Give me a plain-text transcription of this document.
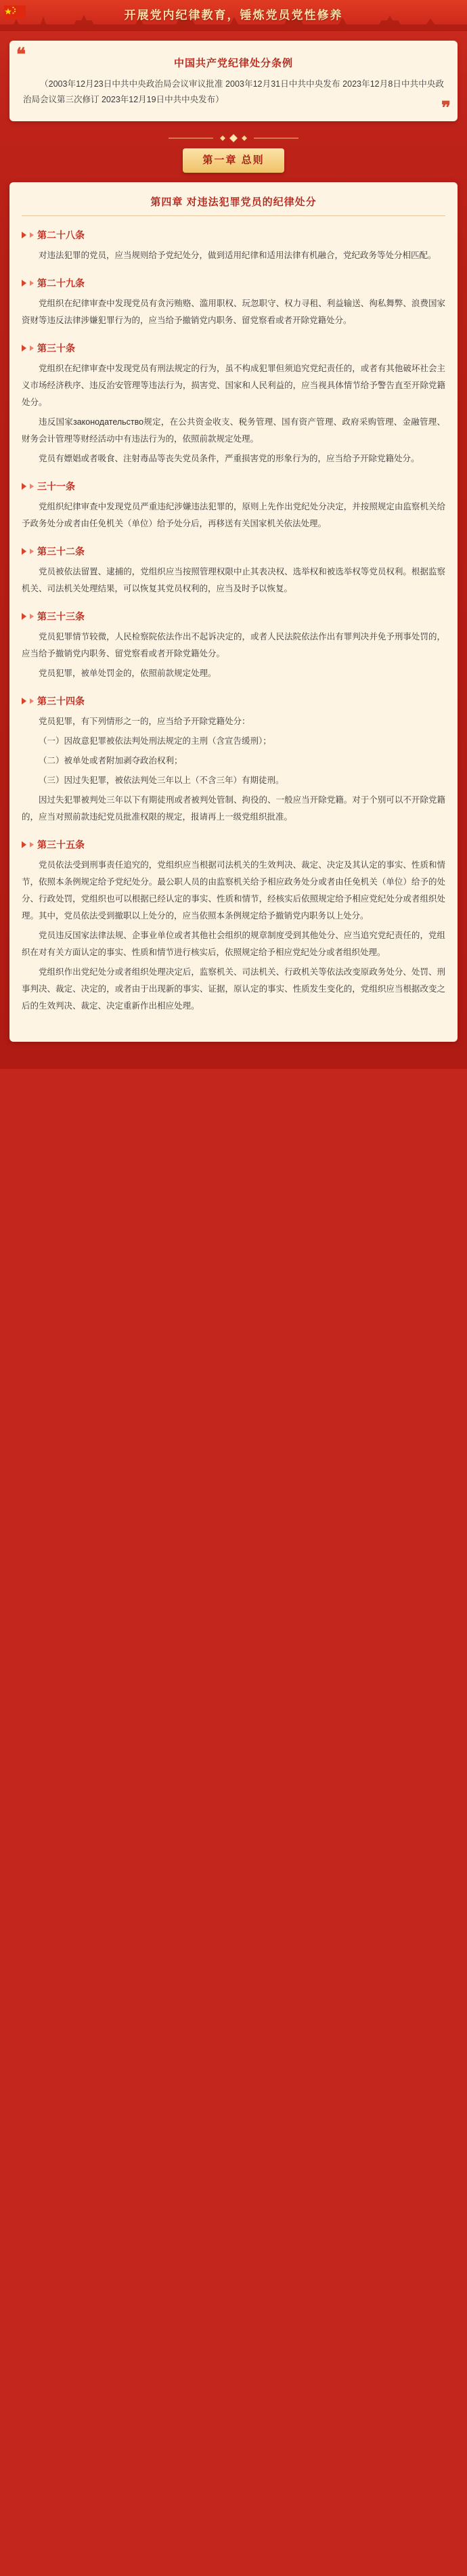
开展党内纪律教育，锤炼党员党性修养
❝
❞
中国共产党纪律处分条例
（2003年12月23日中共中央政治局会议审议批准 2003年12月31日中共中央发布 2023年12月8日中共中央政治局会议第三次修订 2023年12月19日中共中央发布）
第一章 总则
第四章 对违法犯罪党员的纪律处分
第二十八条

对违法犯罪的党员，应当规则给予党纪处分，做到适用纪律和适用法律有机融合，党纪政务等处分相匹配。

第二十九条

党组织在纪律审查中发现党员有贪污贿赂、滥用职权、玩忽职守、权力寻租、利益输送、徇私舞弊、浪费国家资财等违反法律涉嫌犯罪行为的，应当给予撤销党内职务、留党察看或者开除党籍处分。

第三十条

党组织在纪律审查中发现党员有刑法规定的行为，虽不构成犯罪但须追究党纪责任的，或者有其他破坏社会主义市场经济秩序、违反治安管理等违法行为，损害党、国家和人民利益的，应当视具体情节给予警告直至开除党籍处分。

违反国家законодательство规定，在公共资金收支、税务管理、国有资产管理、政府采购管理、金融管理、财务会计管理等财经活动中有违法行为的，依照前款规定处理。

党员有嫖娼或者吸食、注射毒品等丧失党员条件，严重损害党的形象行为的，应当给予开除党籍处分。

三十一条

党组织纪律审查中发现党员严重违纪涉嫌违法犯罪的，原则上先作出党纪处分决定，并按照规定由监察机关给予政务处分或者由任免机关（单位）给予处分后，再移送有关国家机关依法处理。

第三十二条

党员被依法留置、逮捕的，党组织应当按照管理权限中止其表决权、选举权和被选举权等党员权利。根据监察机关、司法机关处理结果，可以恢复其党员权利的，应当及时予以恢复。

第三十三条

党员犯罪情节较微，人民检察院依法作出不起诉决定的，或者人民法院依法作出有罪判决并免予刑事处罚的，应当给予撤销党内职务、留党察看或者开除党籍处分。

党员犯罪，被单处罚金的，依照前款规定处理。

第三十四条

党员犯罪，有下列情形之一的，应当给予开除党籍处分：

（一）因故意犯罪被依法判处刑法规定的主刑（含宣告缓刑）；

（二）被单处或者附加剥夺政治权利；

（三）因过失犯罪，被依法判处三年以上（不含三年）有期徒刑。

因过失犯罪被判处三年以下有期徒刑或者被判处管制、拘役的、一般应当开除党籍。对于个别可以不开除党籍的，应当对照前款违纪党员批准权限的规定，报请再上一级党组织批准。

第三十五条

党员依法受到刑事责任追究的，党组织应当根据司法机关的生效判决、裁定、决定及其认定的事实、性质和情节，依照本条例规定给予党纪处分。最公职人员的由监察机关给予相应政务处分或者由任免机关（单位）给予的处分、行政处罚，党组织也可以根据已经认定的事实、性质和情节，经核实后依照规定给予相应党纪处分或者组织处理。其中，党员依法受到撤职以上处分的，应当依照本条例规定给予撤销党内职务以上处分。

党员违反国家法律法规、企事业单位或者其他社会组织的规章制度受到其他处分、应当追究党纪责任的，党组织在对有关方面认定的事实、性质和情节进行核实后，依照规定给予相应党纪处分或者组织处理。

党组织作出党纪处分或者组织处理决定后，监察机关、司法机关、行政机关等依法改变原政务处分、处罚、刑事判决、裁定、决定的，或者由于出现新的事实、证据，原认定的事实、性质发生变化的，党组织应当根据改变之后的生效判决、裁定、决定重新作出相应处理。
